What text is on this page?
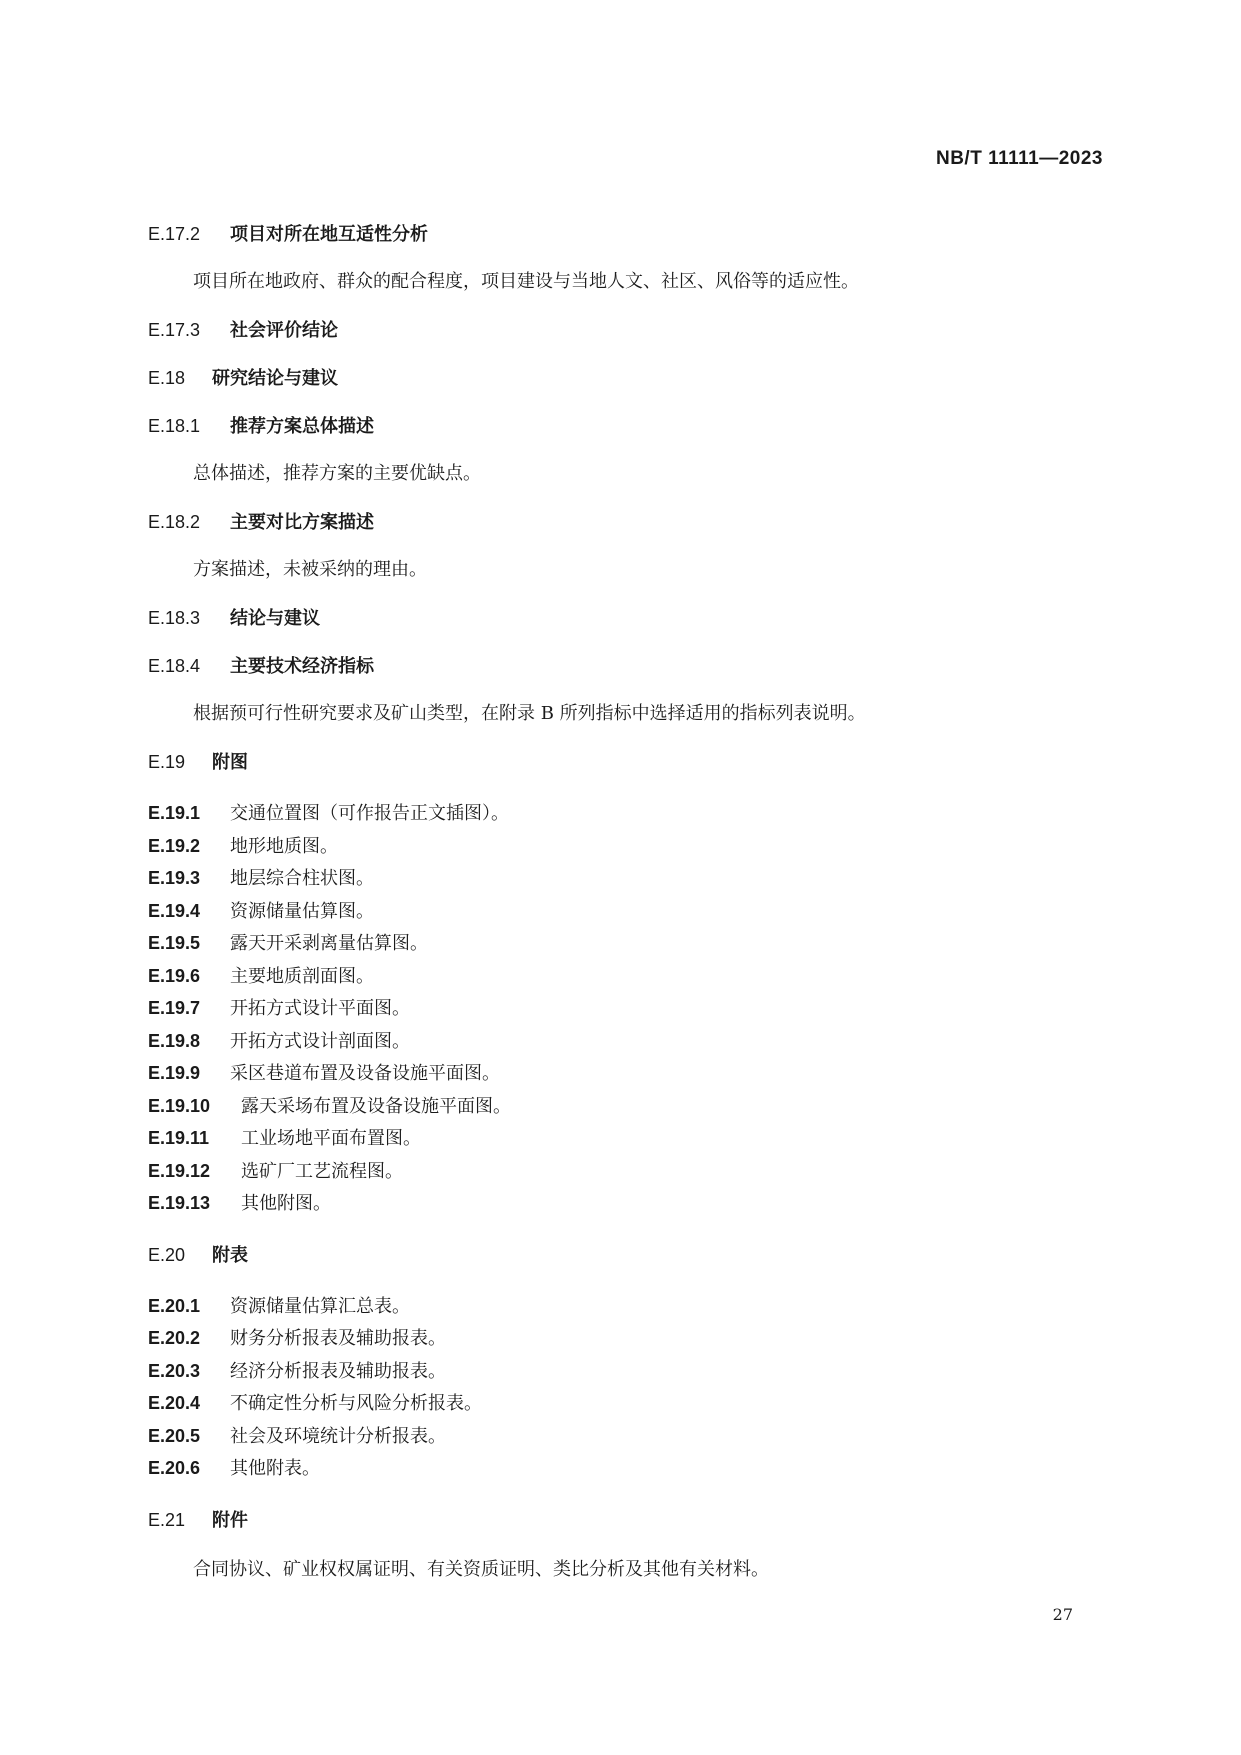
NB/T 11111—2023
E.17.2 项目对所在地互适性分析
项目所在地政府、群众的配合程度，项目建设与当地人文、社区、风俗等的适应性。
E.17.3 社会评价结论
E.18 研究结论与建议
E.18.1 推荐方案总体描述
总体描述，推荐方案的主要优缺点。
E.18.2 主要对比方案描述
方案描述，未被采纳的理由。
E.18.3 结论与建议
E.18.4 主要技术经济指标
根据预可行性研究要求及矿山类型，在附录 B 所列指标中选择适用的指标列表说明。
E.19 附图
E.19.1 交通位置图（可作报告正文插图）。
E.19.2 地形地质图。
E.19.3 地层综合柱状图。
E.19.4 资源储量估算图。
E.19.5 露天开采剥离量估算图。
E.19.6 主要地质剖面图。
E.19.7 开拓方式设计平面图。
E.19.8 开拓方式设计剖面图。
E.19.9 采区巷道布置及设备设施平面图。
E.19.10 露天采场布置及设备设施平面图。
E.19.11 工业场地平面布置图。
E.19.12 选矿厂工艺流程图。
E.19.13 其他附图。
E.20 附表
E.20.1 资源储量估算汇总表。
E.20.2 财务分析报表及辅助报表。
E.20.3 经济分析报表及辅助报表。
E.20.4 不确定性分析与风险分析报表。
E.20.5 社会及环境统计分析报表。
E.20.6 其他附表。
E.21 附件
合同协议、矿业权权属证明、有关资质证明、类比分析及其他有关材料。
27
